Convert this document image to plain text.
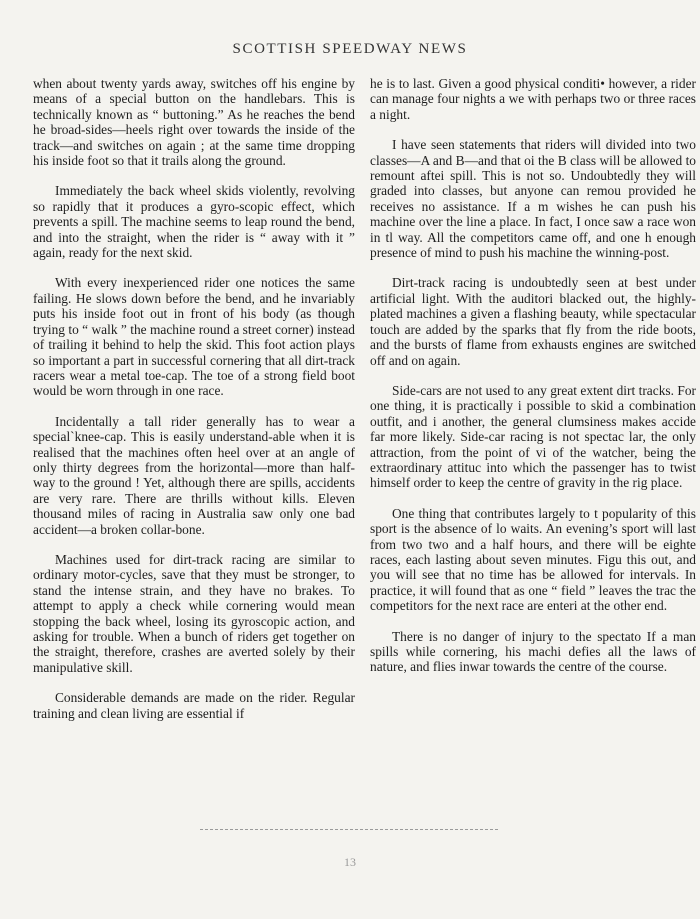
SCOTTISH SPEEDWAY NEWS

when about twenty yards away, switches off his engine by means of a special button on the handlebars. This is technically known as “ buttoning.” As he reaches the bend he broad-sides—heels right over towards the inside of the track—and switches on again ; at the same time dropping his inside foot so that it trails along the ground.

Immediately the back wheel skids violently, revolving so rapidly that it produces a gyro-scopic effect, which prevents a spill. The machine seems to leap round the bend, and into the straight, when the rider is “ away with it ” again, ready for the next skid.

With every inexperienced rider one notices the same failing. He slows down before the bend, and he invariably puts his inside foot out in front of his body (as though trying to “ walk ” the machine round a street corner) instead of trailing it behind to help the skid. This foot action plays so important a part in successful cornering that all dirt-track racers wear a metal toe-cap. The toe of a strong field boot would be worn through in one race.

Incidentally a tall rider generally has to wear a special`knee-cap. This is easily understand-able when it is realised that the machines often heel over at an angle of only thirty degrees from the horizontal—more than half-way to the ground ! Yet, although there are spills, accidents are very rare. There are thrills without kills. Eleven thousand miles of racing in Australia saw only one bad accident—a broken collar-bone.

Machines used for dirt-track racing are similar to ordinary motor-cycles, save that they must be stronger, to stand the intense strain, and they have no brakes. To attempt to apply a check while cornering would mean stopping the back wheel, losing its gyroscopic action, and asking for trouble. When a bunch of riders get together on the straight, therefore, crashes are averted solely by their manipulative skill.

Considerable demands are made on the rider. Regular training and clean living are essential if

he is to last. Given a good physical conditi• however, a rider can manage four nights a we with perhaps two or three races a night.

I have seen statements that riders will divided into two classes—A and B—and that oi the B class will be allowed to remount aftei spill. This is not so. Undoubtedly they will graded into classes, but anyone can remou provided he receives no assistance. If a m wishes he can push his machine over the line a place. In fact, I once saw a race won in tl way. All the competitors came off, and one h enough presence of mind to push his machine the winning-post.

Dirt-track racing is undoubtedly seen at best under artificial light. With the auditori blacked out, the highly-plated machines a given a flashing beauty, while spectacular touch are added by the sparks that fly from the ride boots, and the bursts of flame from exhausts engines are switched off and on again.

Side-cars are not used to any great extent dirt tracks. For one thing, it is practically i possible to skid a combination outfit, and i another, the general clumsiness makes accide far more likely. Side-car racing is not spectac lar, the only attraction, from the point of vi of the watcher, being the extraordinary attituc into which the passenger has to twist himself order to keep the centre of gravity in the rig place.

One thing that contributes largely to t popularity of this sport is the absence of lo waits. An evening’s sport will last from two two and a half hours, and there will be eighte races, each lasting about seven minutes. Figu this out, and you will see that no time has be allowed for intervals. In practice, it will found that as one “ field ” leaves the trac the competitors for the next race are enteri at the other end.

There is no danger of injury to the spectato If a man spills while cornering, his machi defies all the laws of nature, and flies inwar towards the centre of the course.

13
